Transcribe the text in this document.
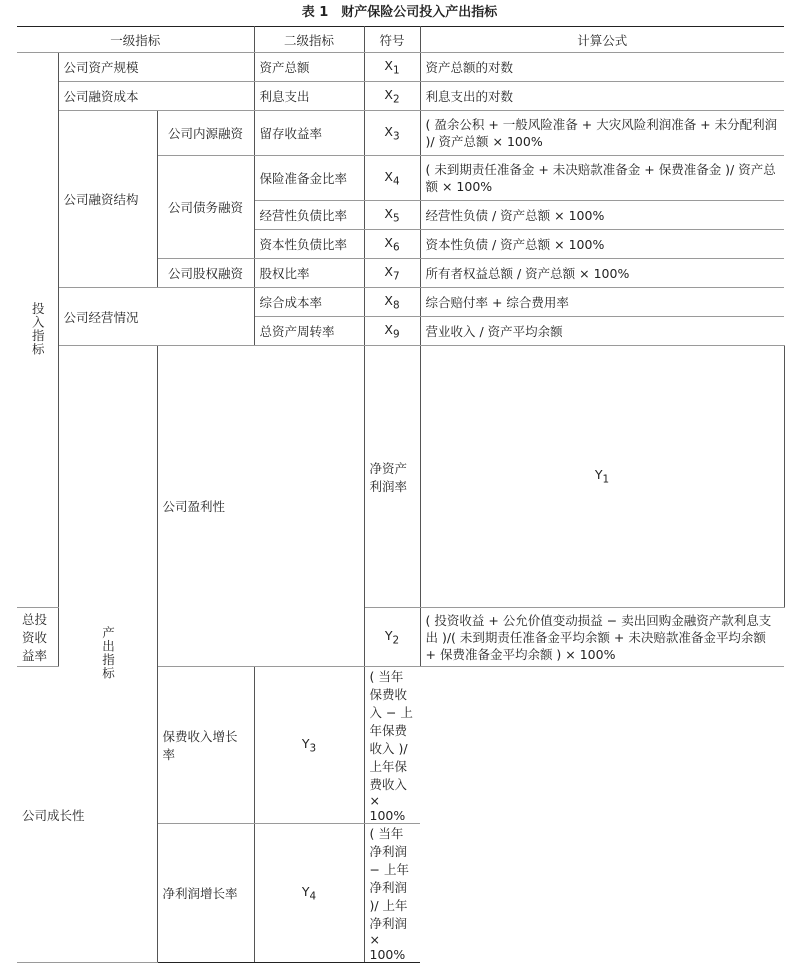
表 1　财产保险公司投入产出指标
一级指标			二级指标	符号	计算公式	
投入指标	公司资产规模		资产总额	$X_1$	资产总额的对数	
	公司融资成本		利息支出	$X_2$	利息支出的对数	
	公司融资结构	公司内源融资	留存收益率	$X_3$	( 盈余公积 + 一般风险准备 + 大灾风险利润准备 + 未分配利润 )/ 资产总额 × 100%	
		公司债务融资	保险准备金比率	$X_4$	( 未到期责任准备金 + 未决赔款准备金 + 保费准备金 )/ 资产总额 × 100%	
			经营性负债比率	$X_5$	经营性负债 / 资产总额 × 100%	
			资本性负债比率	$X_6$	资本性负债 / 资产总额 × 100%	
		公司股权融资	股权比率	$X_7$	所有者权益总额 / 资产总额 × 100%	
	公司经营情况		综合成本率	$X_8$	综合赔付率 + 综合费用率	
			总资产周转率	$X_9$	营业收入 / 资产平均余额	
	产出指标	公司盈利性		净资产利润率	$Y_1$	
总投资收益率				$Y_2$	( 投资收益 + 公允价值变动损益 − 卖出回购金融资产款利息支出 )/( 未到期责任准备金平均余额 + 未决赔款准备金平均余额 + 保费准备金平均余额 ) × 100%	
公司成长性		保费收入增长率	$Y_3$	( 当年保费收入 − 上年保费收入 )/ 上年保费收入 × 100%		
		净利润增长率	$Y_4$	( 当年净利润 − 上年净利润 )/ 上年净利润 × 100%		
